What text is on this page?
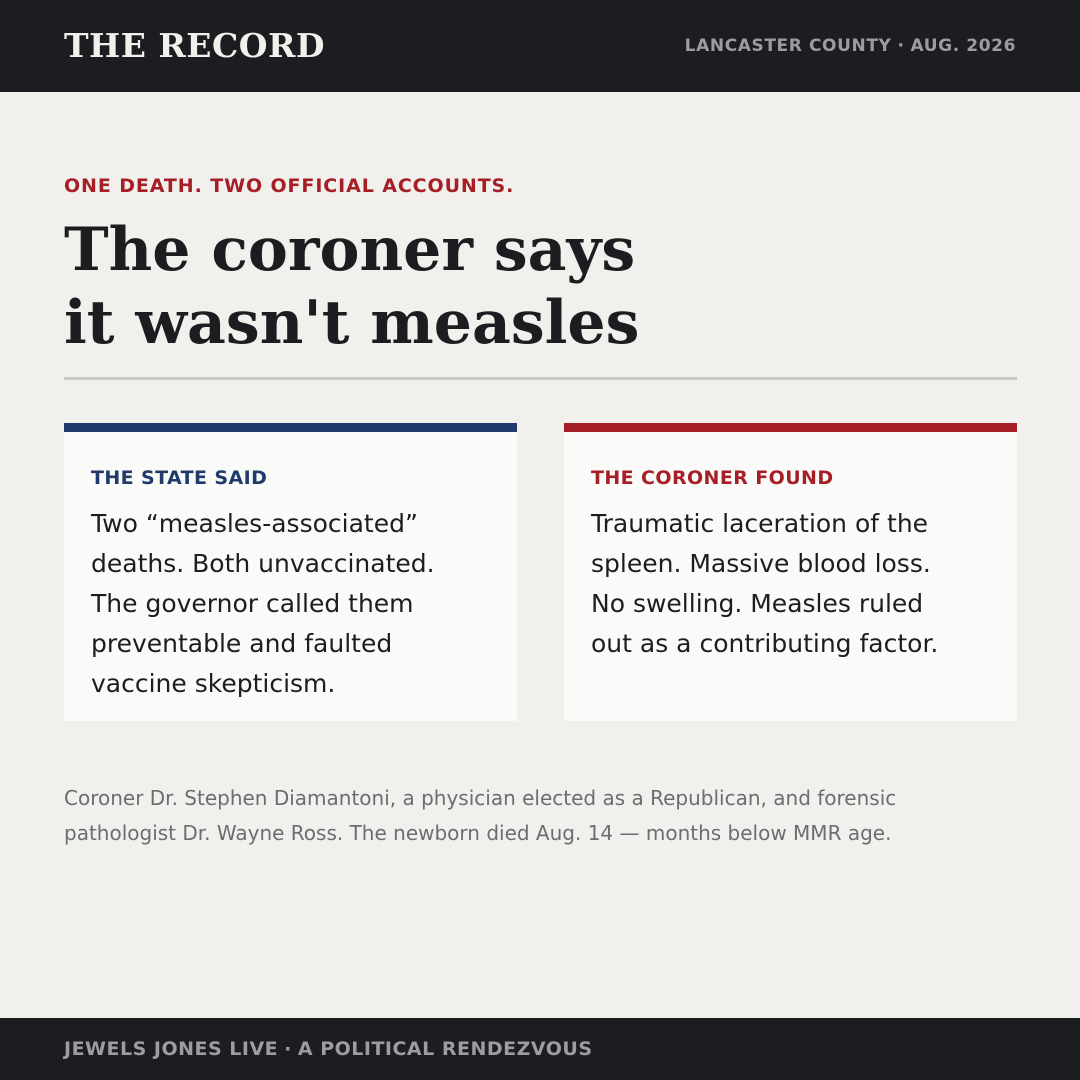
THE RECORD	LANCASTER COUNTY · AUG. 2026
ONE DEATH. TWO OFFICIAL ACCOUNTS.
The coroner says
it wasn't measles
THE STATE SAID

Two “measles-associated”
deaths. Both unvaccinated.
The governor called them
preventable and faulted
vaccine skepticism.

THE CORONER FOUND

Traumatic laceration of the
spleen. Massive blood loss.
No swelling. Measles ruled
out as a contributing factor.

Coroner Dr. Stephen Diamantoni, a physician elected as a Republican, and forensic
pathologist Dr. Wayne Ross. The newborn died Aug. 14 — months below MMR age.

JEWELS JONES LIVE · A POLITICAL RENDEZVOUS
